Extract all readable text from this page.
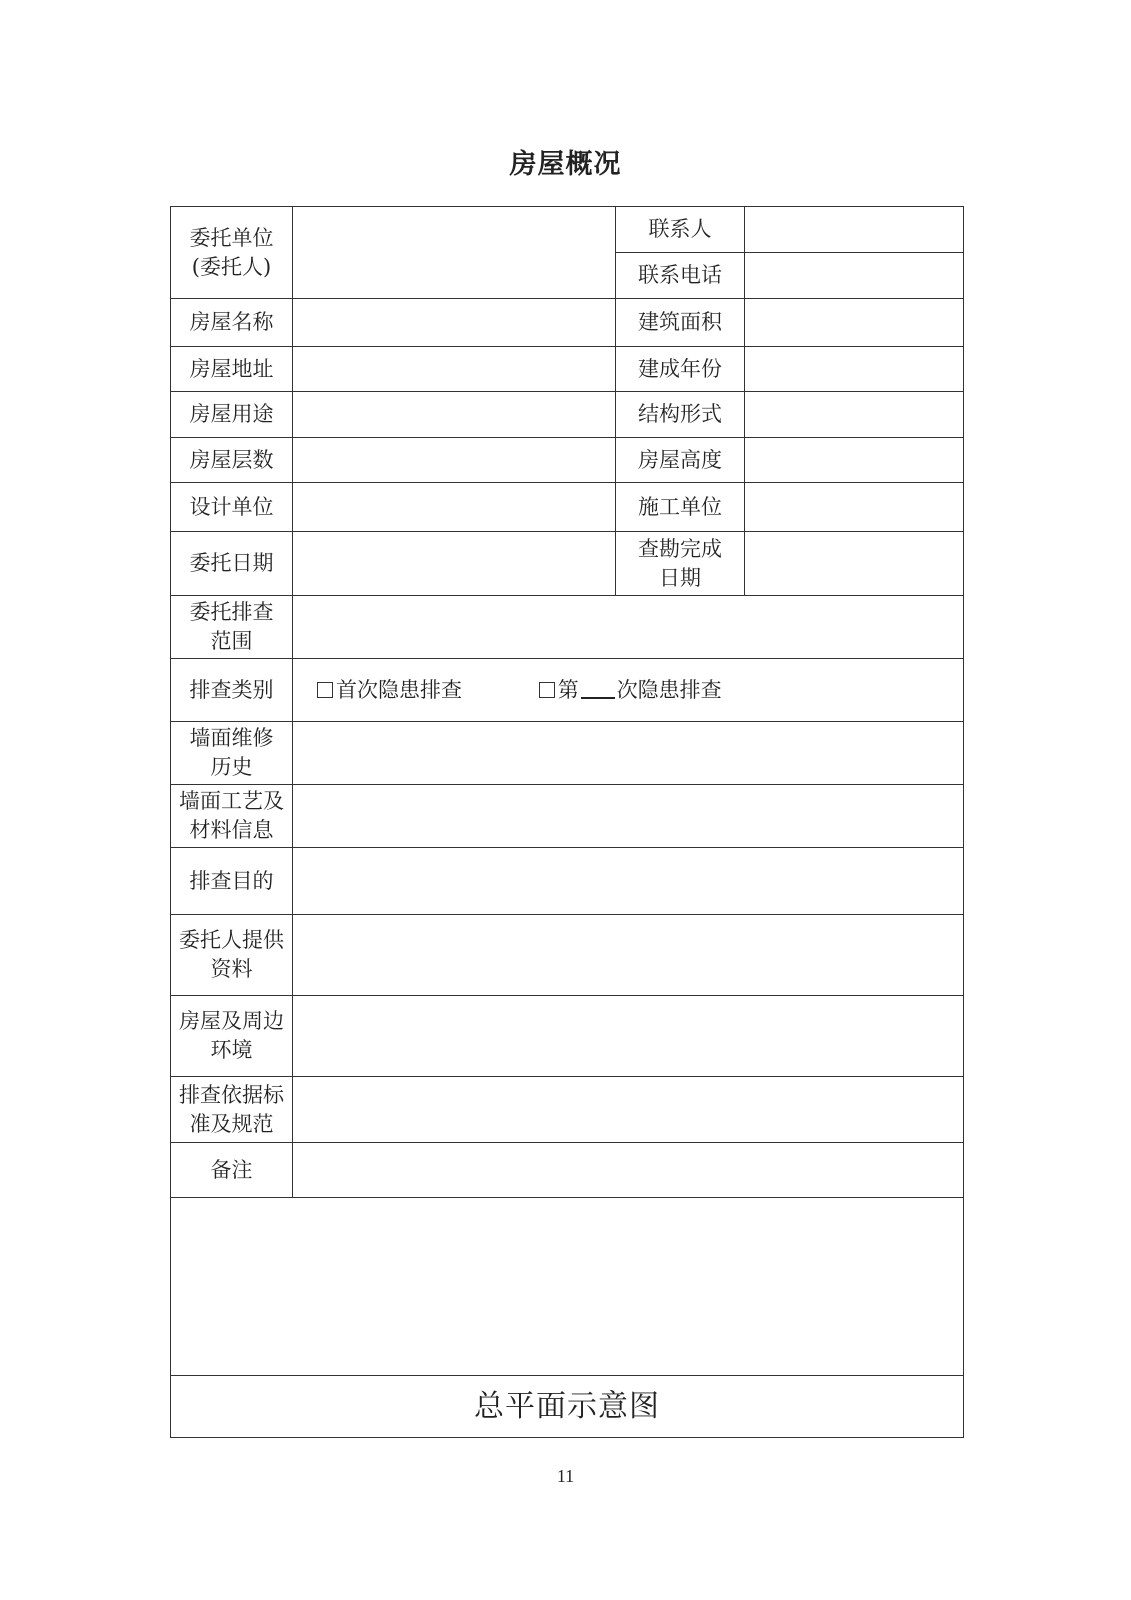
房屋概况
委托单位
(委托人)		联系人	
		联系电话	
房屋名称		建筑面积	
房屋地址		建成年份	
房屋用途		结构形式	
房屋层数		房屋高度	
设计单位		施工单位	
委托日期		查勘完成
日期	

委托排查
范围			

排查类别	首次隐患排查 第 次隐患排查		

墙面维修
历史			

墙面工艺及
材料信息			

排查目的			

委托人提供
资料			

房屋及周边
环境			

排查依据标
准及规范			

备注			

总平面示意图			
11
